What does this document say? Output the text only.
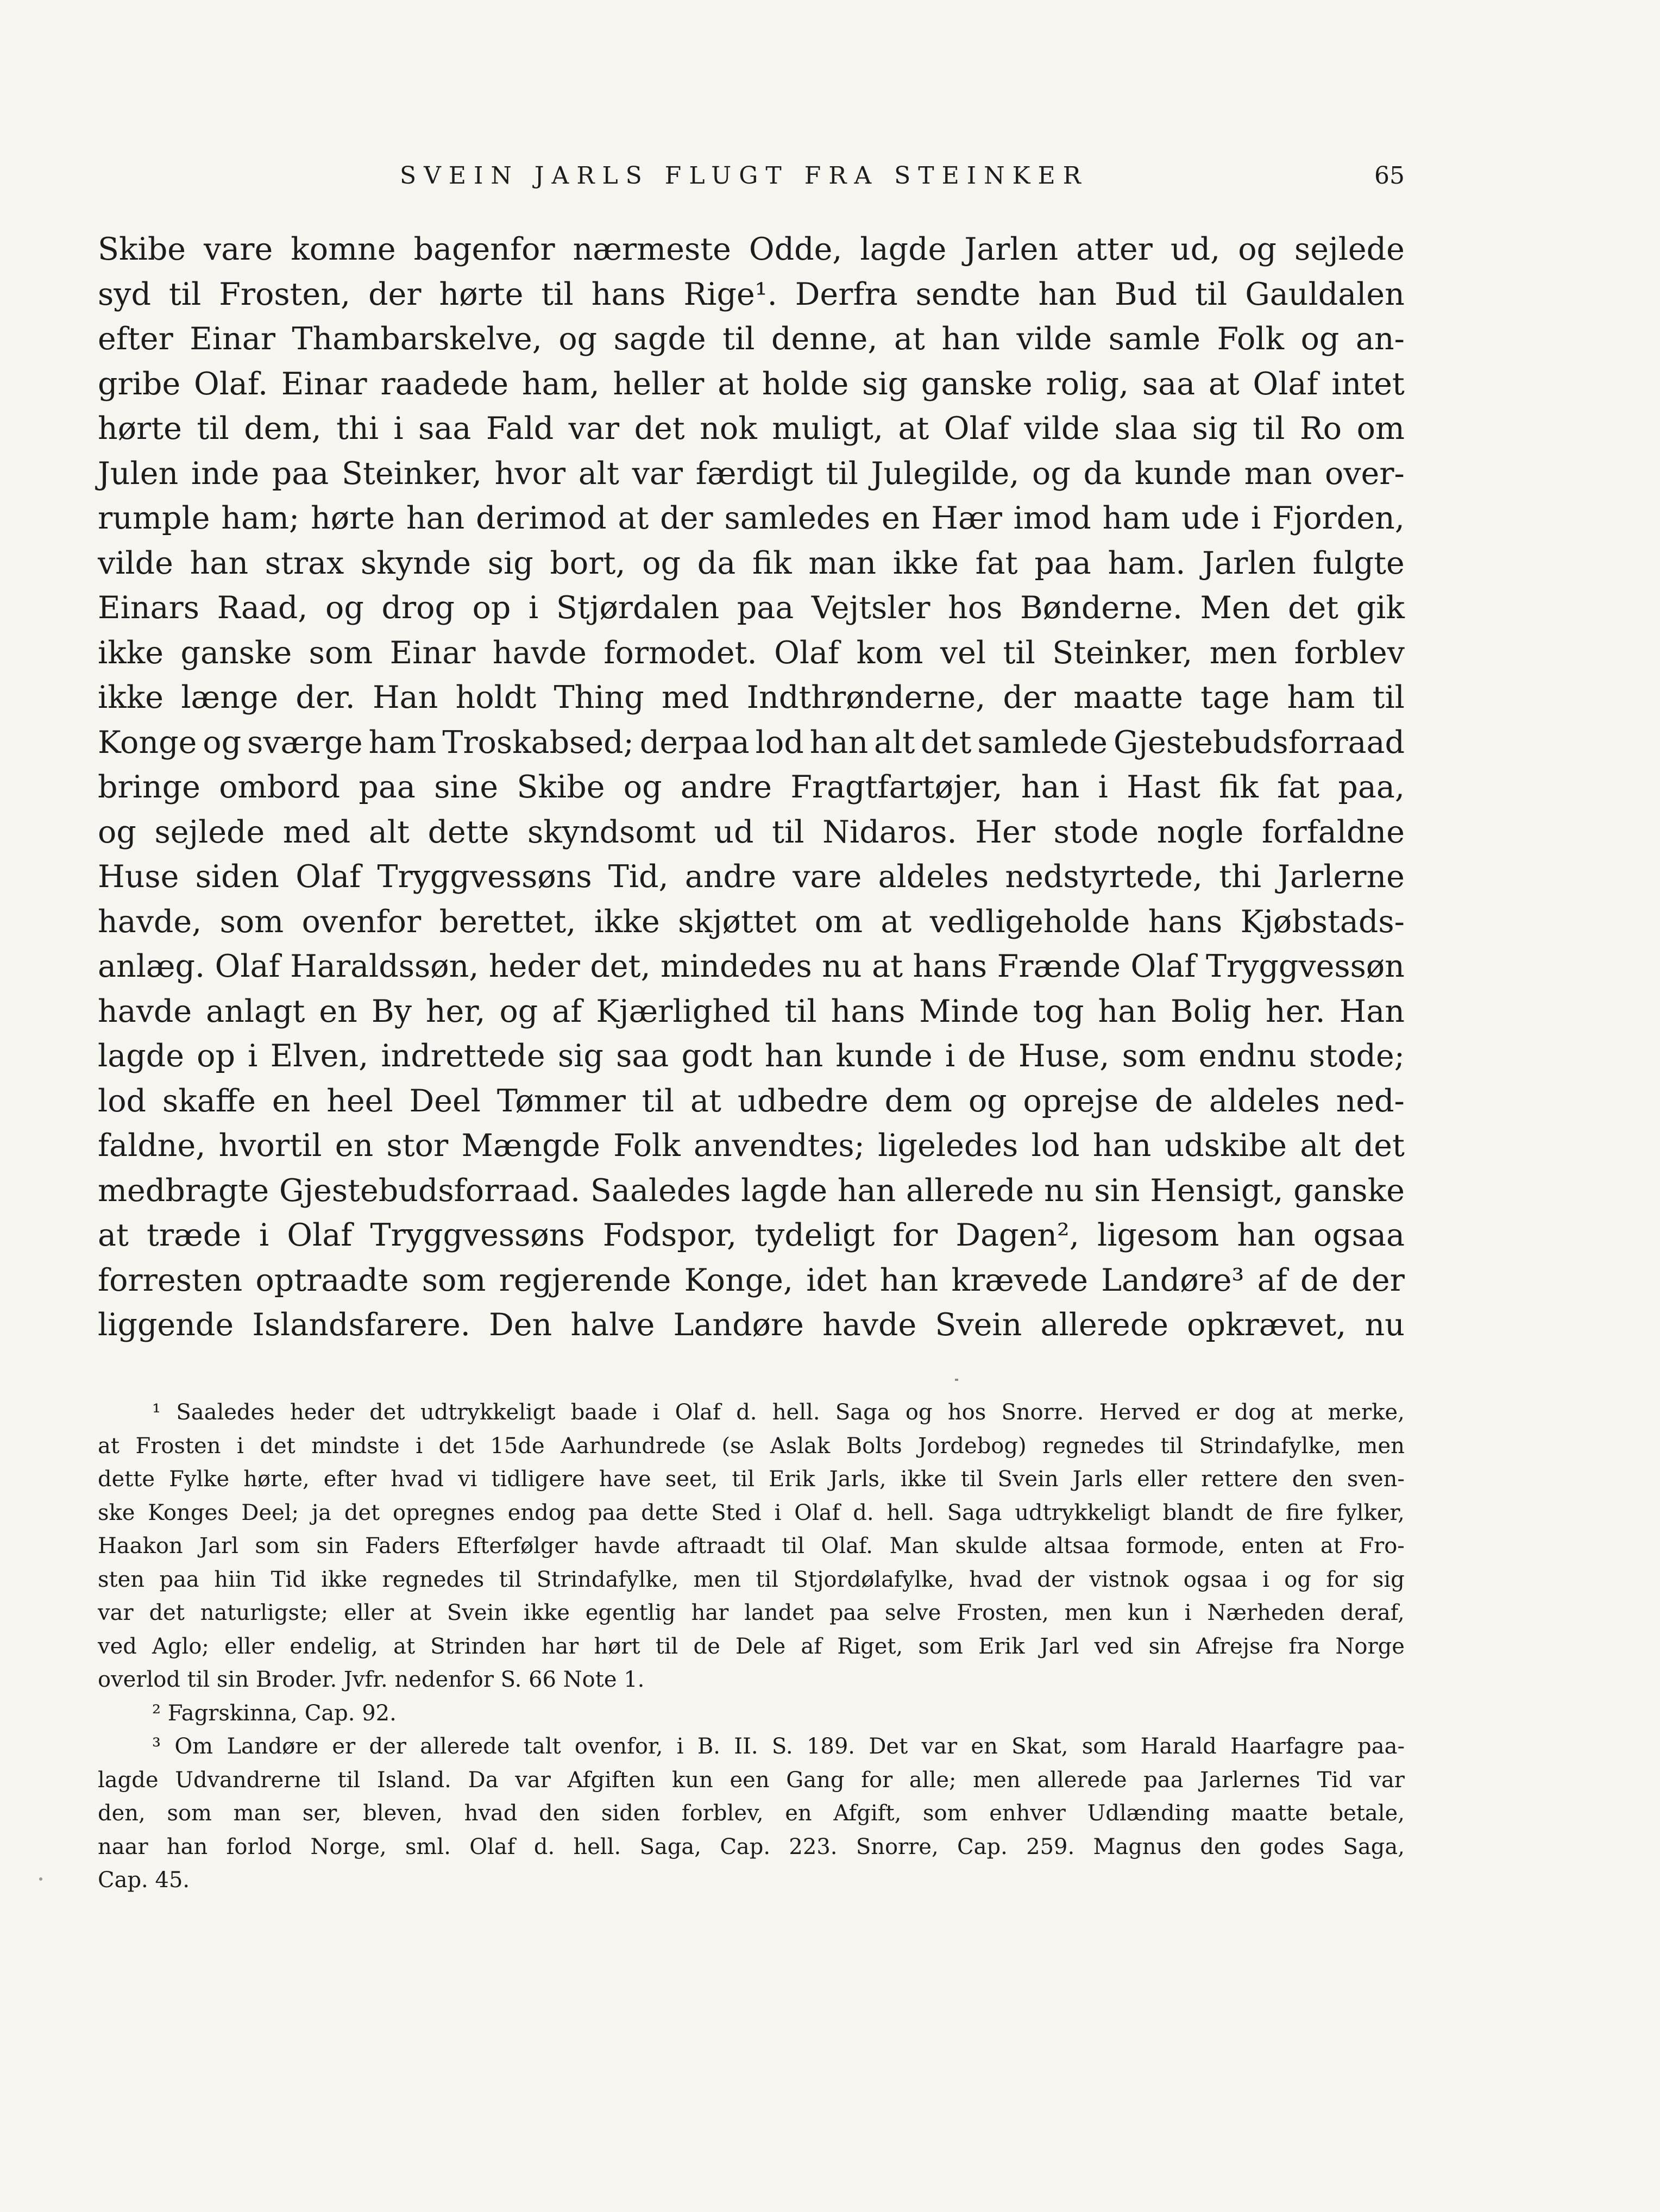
SVEIN JARLS FLUGT FRA STEINKER	65
Skibe vare komne bagenfor nærmeste Odde, lagde Jarlen atter ud, og sejlede
syd til Frosten, der hørte til hans Rige¹. Derfra sendte han Bud til Gauldalen
efter Einar Thambarskelve, og sagde til denne, at han vilde samle Folk og an-
gribe Olaf. Einar raadede ham, heller at holde sig ganske rolig, saa at Olaf intet
hørte til dem, thi i saa Fald var det nok muligt, at Olaf vilde slaa sig til Ro om
Julen inde paa Steinker, hvor alt var færdigt til Julegilde, og da kunde man over-
rumple ham; hørte han derimod at der samledes en Hær imod ham ude i Fjorden,
vilde han strax skynde sig bort, og da fik man ikke fat paa ham. Jarlen fulgte
Einars Raad, og drog op i Stjørdalen paa Vejtsler hos Bønderne. Men det gik
ikke ganske som Einar havde formodet. Olaf kom vel til Steinker, men forblev
ikke længe der. Han holdt Thing med Indthrønderne, der maatte tage ham til
Konge og sværge ham Troskabsed; derpaa lod han alt det samlede Gjestebudsforraad
bringe ombord paa sine Skibe og andre Fragtfartøjer, han i Hast fik fat paa,
og sejlede med alt dette skyndsomt ud til Nidaros. Her stode nogle forfaldne
Huse siden Olaf Tryggvessøns Tid, andre vare aldeles nedstyrtede, thi Jarlerne
havde, som ovenfor berettet, ikke skjøttet om at vedligeholde hans Kjøbstads-
anlæg. Olaf Haraldssøn, heder det, mindedes nu at hans Frænde Olaf Tryggvessøn
havde anlagt en By her, og af Kjærlighed til hans Minde tog han Bolig her. Han
lagde op i Elven, indrettede sig saa godt han kunde i de Huse, som endnu stode;
lod skaffe en heel Deel Tømmer til at udbedre dem og oprejse de aldeles ned-
faldne, hvortil en stor Mængde Folk anvendtes; ligeledes lod han udskibe alt det
medbragte Gjestebudsforraad. Saaledes lagde han allerede nu sin Hensigt, ganske
at træde i Olaf Tryggvessøns Fodspor, tydeligt for Dagen², ligesom han ogsaa
forresten optraadte som regjerende Konge, idet han krævede Landøre³ af de der
liggende Islandsfarere. Den halve Landøre havde Svein allerede opkrævet, nu
¹ Saaledes heder det udtrykkeligt baade i Olaf d. hell. Saga og hos Snorre. Herved er dog at merke,
at Frosten i det mindste i det 15de Aarhundrede (se Aslak Bolts Jordebog) regnedes til Strindafylke, men
dette Fylke hørte, efter hvad vi tidligere have seet, til Erik Jarls, ikke til Svein Jarls eller rettere den sven-
ske Konges Deel; ja det opregnes endog paa dette Sted i Olaf d. hell. Saga udtrykkeligt blandt de fire fylker,
Haakon Jarl som sin Faders Efterfølger havde aftraadt til Olaf. Man skulde altsaa formode, enten at Fro-
sten paa hiin Tid ikke regnedes til Strindafylke, men til Stjordølafylke, hvad der vistnok ogsaa i og for sig
var det naturligste; eller at Svein ikke egentlig har landet paa selve Frosten, men kun i Nærheden deraf,
ved Aglo; eller endelig, at Strinden har hørt til de Dele af Riget, som Erik Jarl ved sin Afrejse fra Norge
overlod til sin Broder. Jvfr. nedenfor S. 66 Note 1.
² Fagrskinna, Cap. 92.
³ Om Landøre er der allerede talt ovenfor, i B. II. S. 189. Det var en Skat, som Harald Haarfagre paa-
lagde Udvandrerne til Island. Da var Afgiften kun een Gang for alle; men allerede paa Jarlernes Tid var
den, som man ser, bleven, hvad den siden forblev, en Afgift, som enhver Udlænding maatte betale,
naar han forlod Norge, sml. Olaf d. hell. Saga, Cap. 223. Snorre, Cap. 259. Magnus den godes Saga,
Cap. 45.
